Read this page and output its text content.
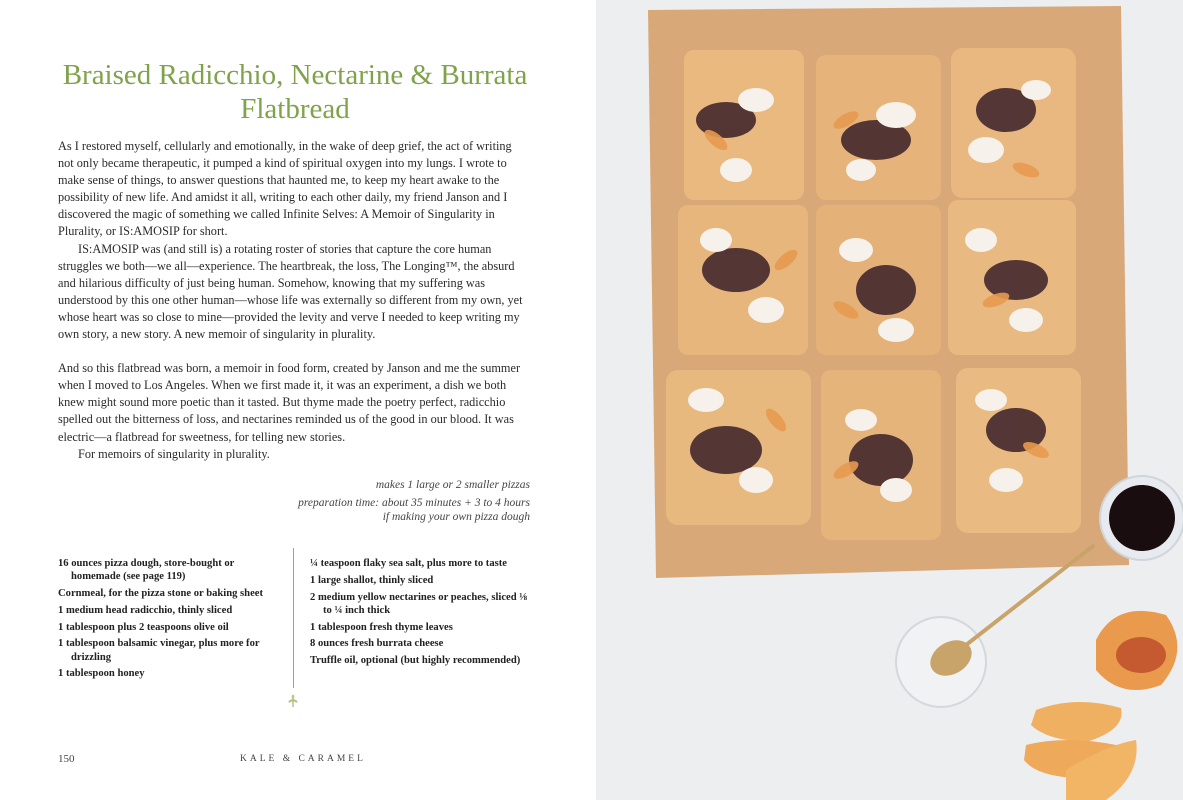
Braised Radicchio, Nectarine & Burrata Flatbread

As I restored myself, cellularly and emotionally, in the wake of deep grief, the act of writing not only became therapeutic, it pumped a kind of spiritual oxygen into my lungs. I wrote to make sense of things, to answer questions that haunted me, to keep my heart awake to the possibility of new life. And amidst it all, writing to each other daily, my friend Janson and I discovered the magic of something we called Infinite Selves: A Memoir of Singularity in Plurality, or IS:AMOSIP for short.

IS:AMOSIP was (and still is) a rotating roster of stories that capture the core human struggles we both—we all—experience. The heartbreak, the loss, The Longing™, the absurd and hilarious difficulty of just being human. Somehow, knowing that my suffering was understood by this one other human—whose life was externally so different from my own, yet whose heart was so close to mine—provided the levity and verve I needed to keep writing my own story, a new story. A new memoir of singularity in plurality.

And so this flatbread was born, a memoir in food form, created by Janson and me the summer when I moved to Los Angeles. When we first made it, it was an experiment, a dish we both knew might sound more poetic than it tasted. But thyme made the poetry perfect, radicchio spelled out the bitterness of loss, and nectarines reminded us of the good in our blood. It was electric—a flatbread for sweetness, for telling new stories.

For memoirs of singularity in plurality.

makes 1 large or 2 smaller pizzas
preparation time: about 35 minutes + 3 to 4 hours
if making your own pizza dough
16 ounces pizza dough, store-bought or homemade (see page 119)
Cornmeal, for the pizza stone or baking sheet
1 medium head radicchio, thinly sliced
1 tablespoon plus 2 teaspoons olive oil
1 tablespoon balsamic vinegar, plus more for drizzling
1 tablespoon honey
¼ teaspoon flaky sea salt, plus more to taste
1 large shallot, thinly sliced
2 medium yellow nectarines or peaches, sliced ⅛ to ¼ inch thick
1 tablespoon fresh thyme leaves
8 ounces fresh burrata cheese
Truffle oil, optional (but highly recommended)
150	KALE & CARAMEL
